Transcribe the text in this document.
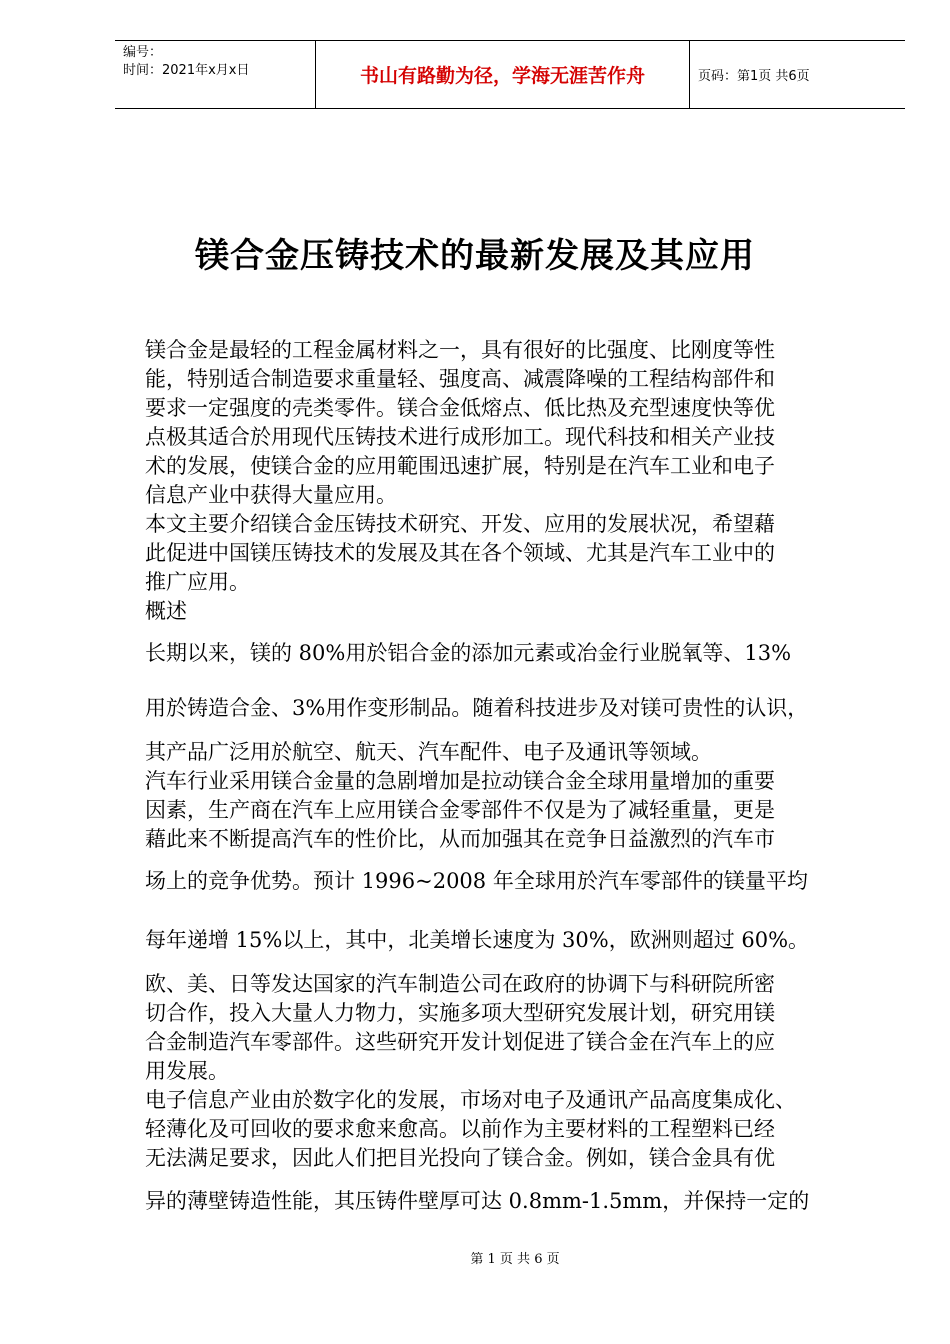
编号：
时间：2021年x月x日	书山有路勤为径，学海无涯苦作舟	页码：第1页 共6页
镁合金压铸技术的最新发展及其应用
镁合金是最轻的工程金属材料之一，具有很好的比强度、比刚度等性
能，特别适合制造要求重量轻、强度高、减震降噪的工程结构部件和
要求一定强度的壳类零件。镁合金低熔点、低比热及充型速度快等优
点极其适合於用现代压铸技术进行成形加工。现代科技和相关产业技
术的发展，使镁合金的应用範围迅速扩展，特别是在汽车工业和电子
信息产业中获得大量应用。
本文主要介绍镁合金压铸技术研究、开发、应用的发展状况，希望藉
此促进中国镁压铸技术的发展及其在各个领域、尤其是汽车工业中的
推广应用。
概述
长期以来，镁的 80%用於铝合金的添加元素或冶金行业脱氧等、13%
用於铸造合金、3%用作变形制品。随着科技进步及对镁可贵性的认识，
其产品广泛用於航空、航天、汽车配件、电子及通讯等领域。
汽车行业采用镁合金量的急剧增加是拉动镁合金全球用量增加的重要
因素，生产商在汽车上应用镁合金零部件不仅是为了减轻重量，更是
藉此来不断提高汽车的性价比，从而加强其在竞争日益激烈的汽车市
场上的竞争优势。预计 1996~2008 年全球用於汽车零部件的镁量平均
每年递增 15%以上，其中，北美增长速度为 30%，欧洲则超过 60%。
欧、美、日等发达国家的汽车制造公司在政府的协调下与科研院所密
切合作，投入大量人力物力，实施多项大型研究发展计划，研究用镁
合金制造汽车零部件。这些研究开发计划促进了镁合金在汽车上的应
用发展。
电子信息产业由於数字化的发展，市场对电子及通讯产品高度集成化、
轻薄化及可回收的要求愈来愈高。以前作为主要材料的工程塑料已经
无法满足要求，因此人们把目光投向了镁合金。例如，镁合金具有优
异的薄壁铸造性能，其压铸件壁厚可达 0.8mm-1.5mm，并保持一定的
第 1 页 共 6 页
